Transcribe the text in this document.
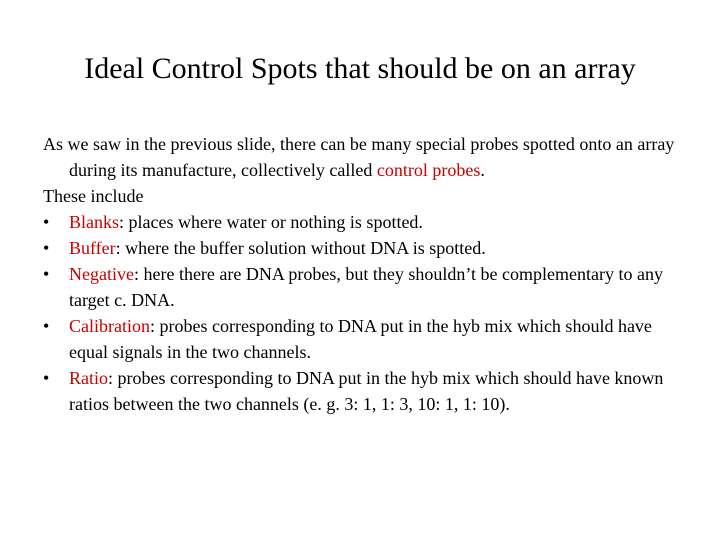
Ideal Control Spots that should be on an array

As we saw in the previous slide, there can be many special probes spotted onto an array during its manufacture, collectively called control probes.

These include

• Blanks: places where water or nothing is spotted.
• Buffer: where the buffer solution without DNA is spotted.
• Negative: here there are DNA probes, but they shouldn’t be complementary to any target c. DNA.
• Calibration: probes corresponding to DNA put in the hyb mix which should have equal signals in the two channels.
• Ratio: probes corresponding to DNA put in the hyb mix which should have known ratios between the two channels (e. g. 3: 1, 1: 3, 10: 1, 1: 10).
